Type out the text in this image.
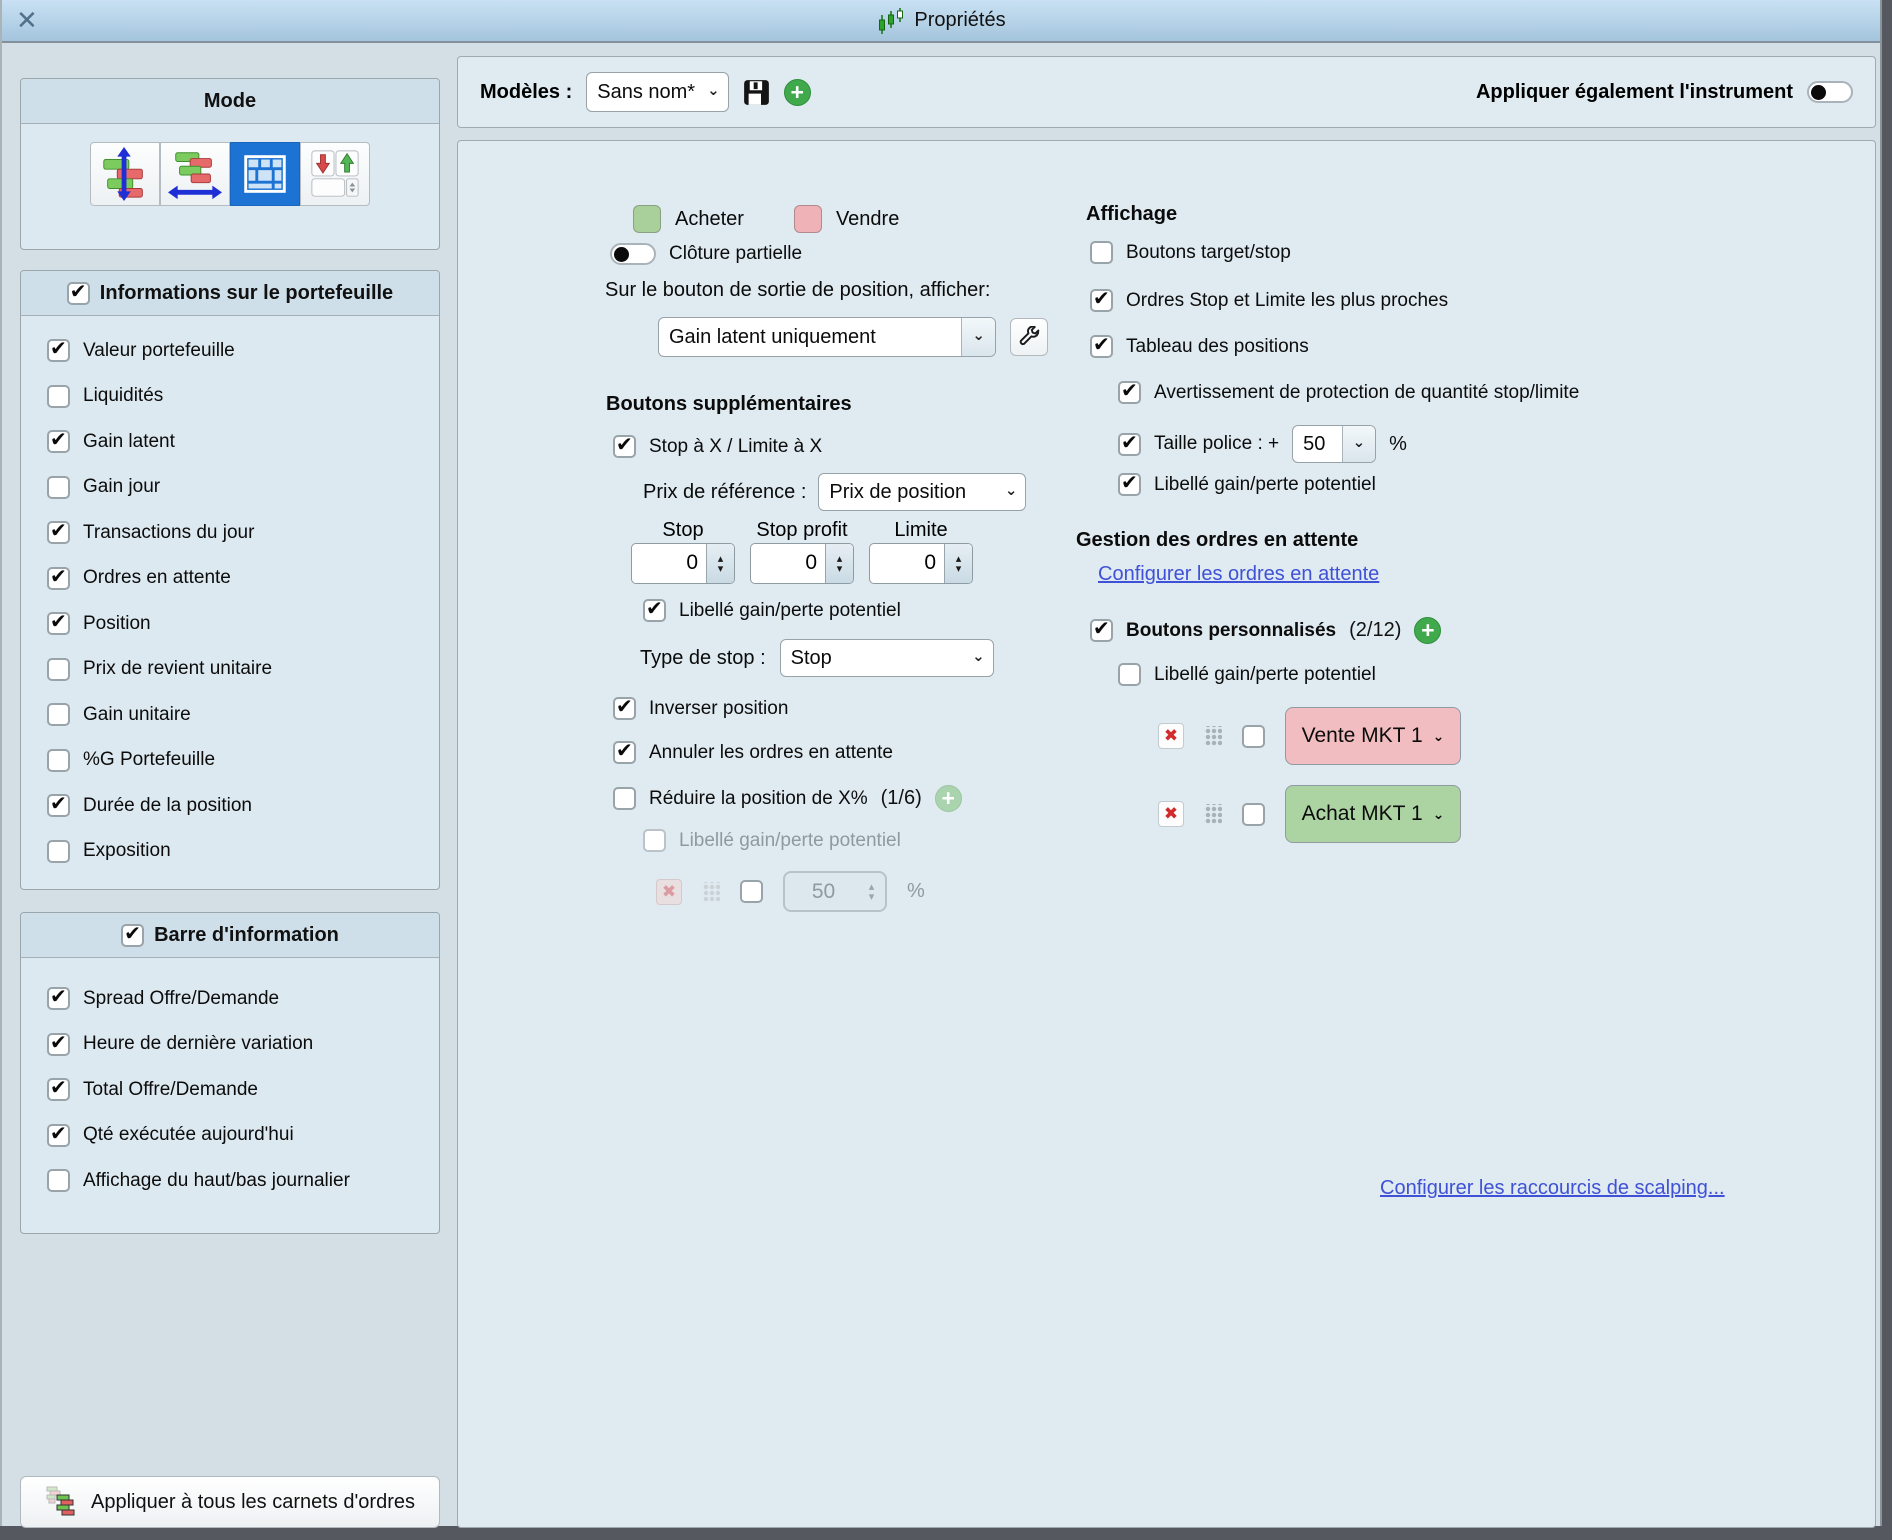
✕	Propriétés
Mode
✔
Informations sur le portefeuille
✔
Valeur portefeuille
Liquidités
✔
Gain latent
Gain jour
✔
Transactions du jour
✔
Ordres en attente
✔
Position
Prix de revient unitaire
Gain unitaire
%G Portefeuille
✔
Durée de la position
Exposition
✔
Barre d'information
✔
Spread Offre/Demande
✔
Heure de dernière variation
✔
Total Offre/Demande
✔
Qté exécutée aujourd'hui
Affichage du haut/bas journalier
Appliquer à tous les carnets d'ordres
Modèles :	Sans nom* ⌄	+	Appliquer également l'instrument
Acheter	Vendre
Clôture partielle
Sur le bouton de sortie de position, afficher:
Gain latent uniquement	⌄
Boutons supplémentaires
✔
Stop à X / Limite à X
Prix de référence :	Prix de position	⌄
Stop	Stop profit	Limite
0	▴
▾	0	▴
▾	0	▴
▾
✔
Libellé gain/perte potentiel
Type de stop :	Stop	⌄
✔
Inverser position
✔
Annuler les ordres en attente
Réduire la position de X% (1/6) +
Libellé gain/perte potentiel
✖	50	▴
▾ %
Affichage
Boutons target/stop
✔
Ordres Stop et Limite les plus proches
✔
Tableau des positions
✔
Avertissement de protection de quantité stop/limite
✔
Taille police : +	50	⌄	%
✔
Libellé gain/perte potentiel
Gestion des ordres en attente
Configurer les ordres en attente
✔
Boutons personnalisés (2/12) +
Libellé gain/perte potentiel
✖	Vente MKT 1 ⌄
✖	Achat MKT 1 ⌄
Configurer les raccourcis de scalping...
